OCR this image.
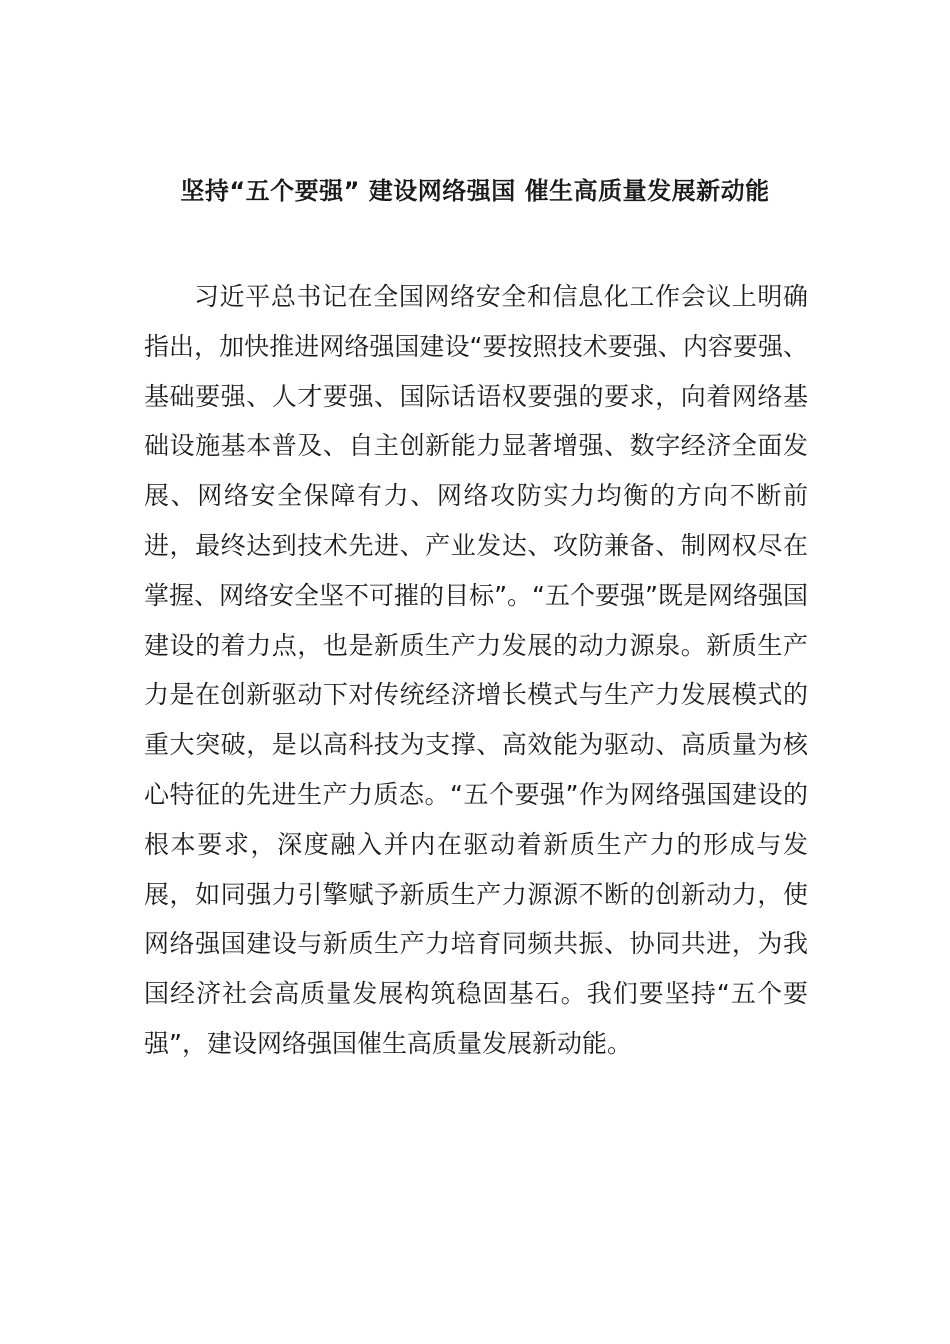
坚持“五个要强” 建设网络强国 催生高质量发展新动能

习近平总书记在全国网络安全和信息化工作会议上明确指出，加快推进网络强国建设“要按照技术要强、内容要强、基础要强、人才要强、国际话语权要强的要求，向着网络基础设施基本普及、自主创新能力显著增强、数字经济全面发展、网络安全保障有力、网络攻防实力均衡的方向不断前进，最终达到技术先进、产业发达、攻防兼备、制网权尽在掌握、网络安全坚不可摧的目标”。“五个要强”既是网络强国建设的着力点，也是新质生产力发展的动力源泉。新质生产力是在创新驱动下对传统经济增长模式与生产力发展模式的重大突破，是以高科技为支撑、高效能为驱动、高质量为核心特征的先进生产力质态。“五个要强”作为网络强国建设的根本要求，深度融入并内在驱动着新质生产力的形成与发展，如同强力引擎赋予新质生产力源源不断的创新动力，使网络强国建设与新质生产力培育同频共振、协同共进，为我国经济社会高质量发展构筑稳固基石。我们要坚持“五个要强”，建设网络强国催生高质量发展新动能。
